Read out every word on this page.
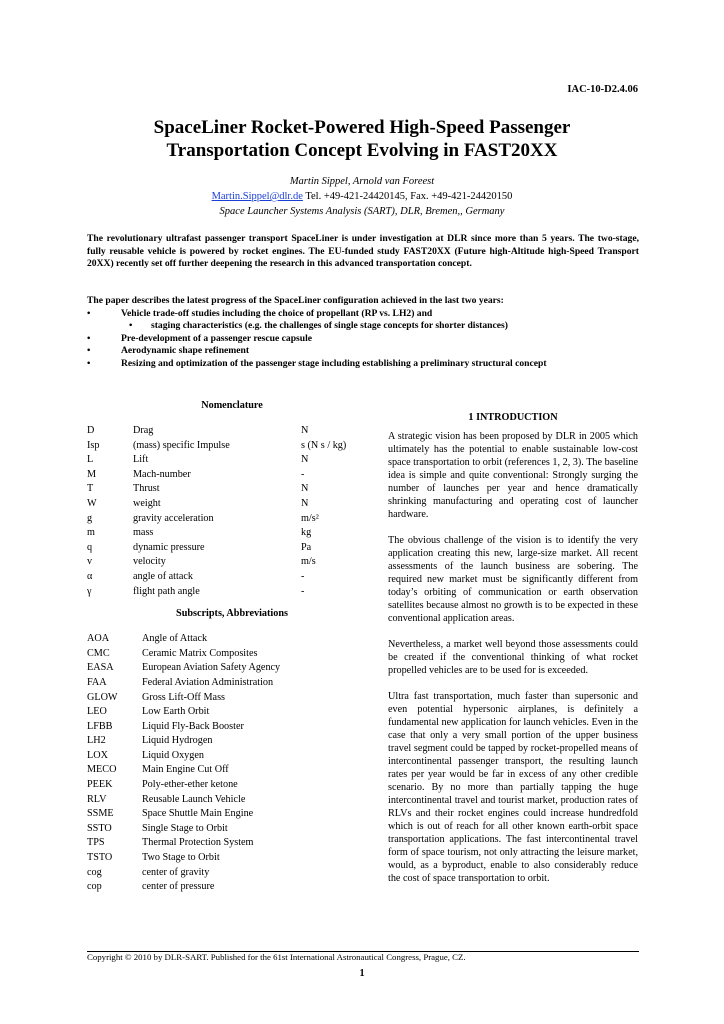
IAC-10-D2.4.06
SpaceLiner Rocket-Powered High-Speed Passenger
Transportation Concept Evolving in FAST20XX
Martin Sippel, Arnold van Foreest
Martin.Sippel@dlr.de Tel. +49-421-24420145, Fax. +49-421-24420150
Space Launcher Systems Analysis (SART), DLR, Bremen,, Germany
The revolutionary ultrafast passenger transport SpaceLiner is under investigation at DLR since more than 5 years. The two-stage, fully reusable vehicle is powered by rocket engines. The EU-funded study FAST20XX (Future high-Altitude high-Speed Transport 20XX) recently set off further deepening the research in this advanced transportation concept.
The paper describes the latest progress of the SpaceLiner configuration achieved in the last two years:
•	Vehicle trade-off studies including the choice of propellant (RP vs. LH2) and
• staging characteristics (e.g. the challenges of single stage concepts for shorter distances)
•	Pre-development of a passenger rescue capsule
•	Aerodynamic shape refinement
•	Resizing and optimization of the passenger stage including establishing a preliminary structural concept
Nomenclature
D	Drag	N
Isp	(mass) specific Impulse	s (N s / kg)
L	Lift	N
M	Mach-number	-
T	Thrust	N
W	weight	N
g	gravity acceleration	m/s²
m	mass	kg
q	dynamic pressure	Pa
v	velocity	m/s
α	angle of attack	-
γ	flight path angle	-
Subscripts, Abbreviations
AOA	Angle of Attack
CMC	Ceramic Matrix Composites
EASA	European Aviation Safety Agency
FAA	Federal Aviation Administration
GLOW	Gross Lift-Off Mass
LEO	Low Earth Orbit
LFBB	Liquid Fly-Back Booster
LH2	Liquid Hydrogen
LOX	Liquid Oxygen
MECO	Main Engine Cut Off
PEEK	Poly-ether-ether ketone
RLV	Reusable Launch Vehicle
SSME	Space Shuttle Main Engine
SSTO	Single Stage to Orbit
TPS	Thermal Protection System
TSTO	Two Stage to Orbit
cog	center of gravity
cop	center of pressure
1 INTRODUCTION

A strategic vision has been proposed by DLR in 2005 which ultimately has the potential to enable sustainable low-cost space transportation to orbit (references 1, 2, 3). The baseline idea is simple and quite conventional: Strongly surging the number of launches per year and hence dramatically shrinking manufacturing and operating cost of launcher hardware.

The obvious challenge of the vision is to identify the very application creating this new, large-size market. All recent assessments of the launch business are sobering. The required new market must be significantly different from today’s orbiting of communication or earth observation satellites because almost no growth is to be expected in these conventional application areas.

Nevertheless, a market well beyond those assessments could be created if the conventional thinking of what rocket propelled vehicles are to be used for is exceeded.

Ultra fast transportation, much faster than supersonic and even potential hypersonic airplanes, is definitely a fundamental new application for launch vehicles. Even in the case that only a very small portion of the upper business travel segment could be tapped by rocket-propelled means of intercontinental passenger transport, the resulting launch rates per year would be far in excess of any other credible scenario. By no more than partially tapping the huge intercontinental travel and tourist market, production rates of RLVs and their rocket engines could increase hundredfold which is out of reach for all other known earth-orbit space transportation applications. The fast intercontinental travel form of space tourism, not only attracting the leisure market, would, as a byproduct, enable to also considerably reduce the cost of space transportation to orbit.

Copyright © 2010 by DLR-SART. Published for the 61st International Astronautical Congress, Prague, CZ.
1
